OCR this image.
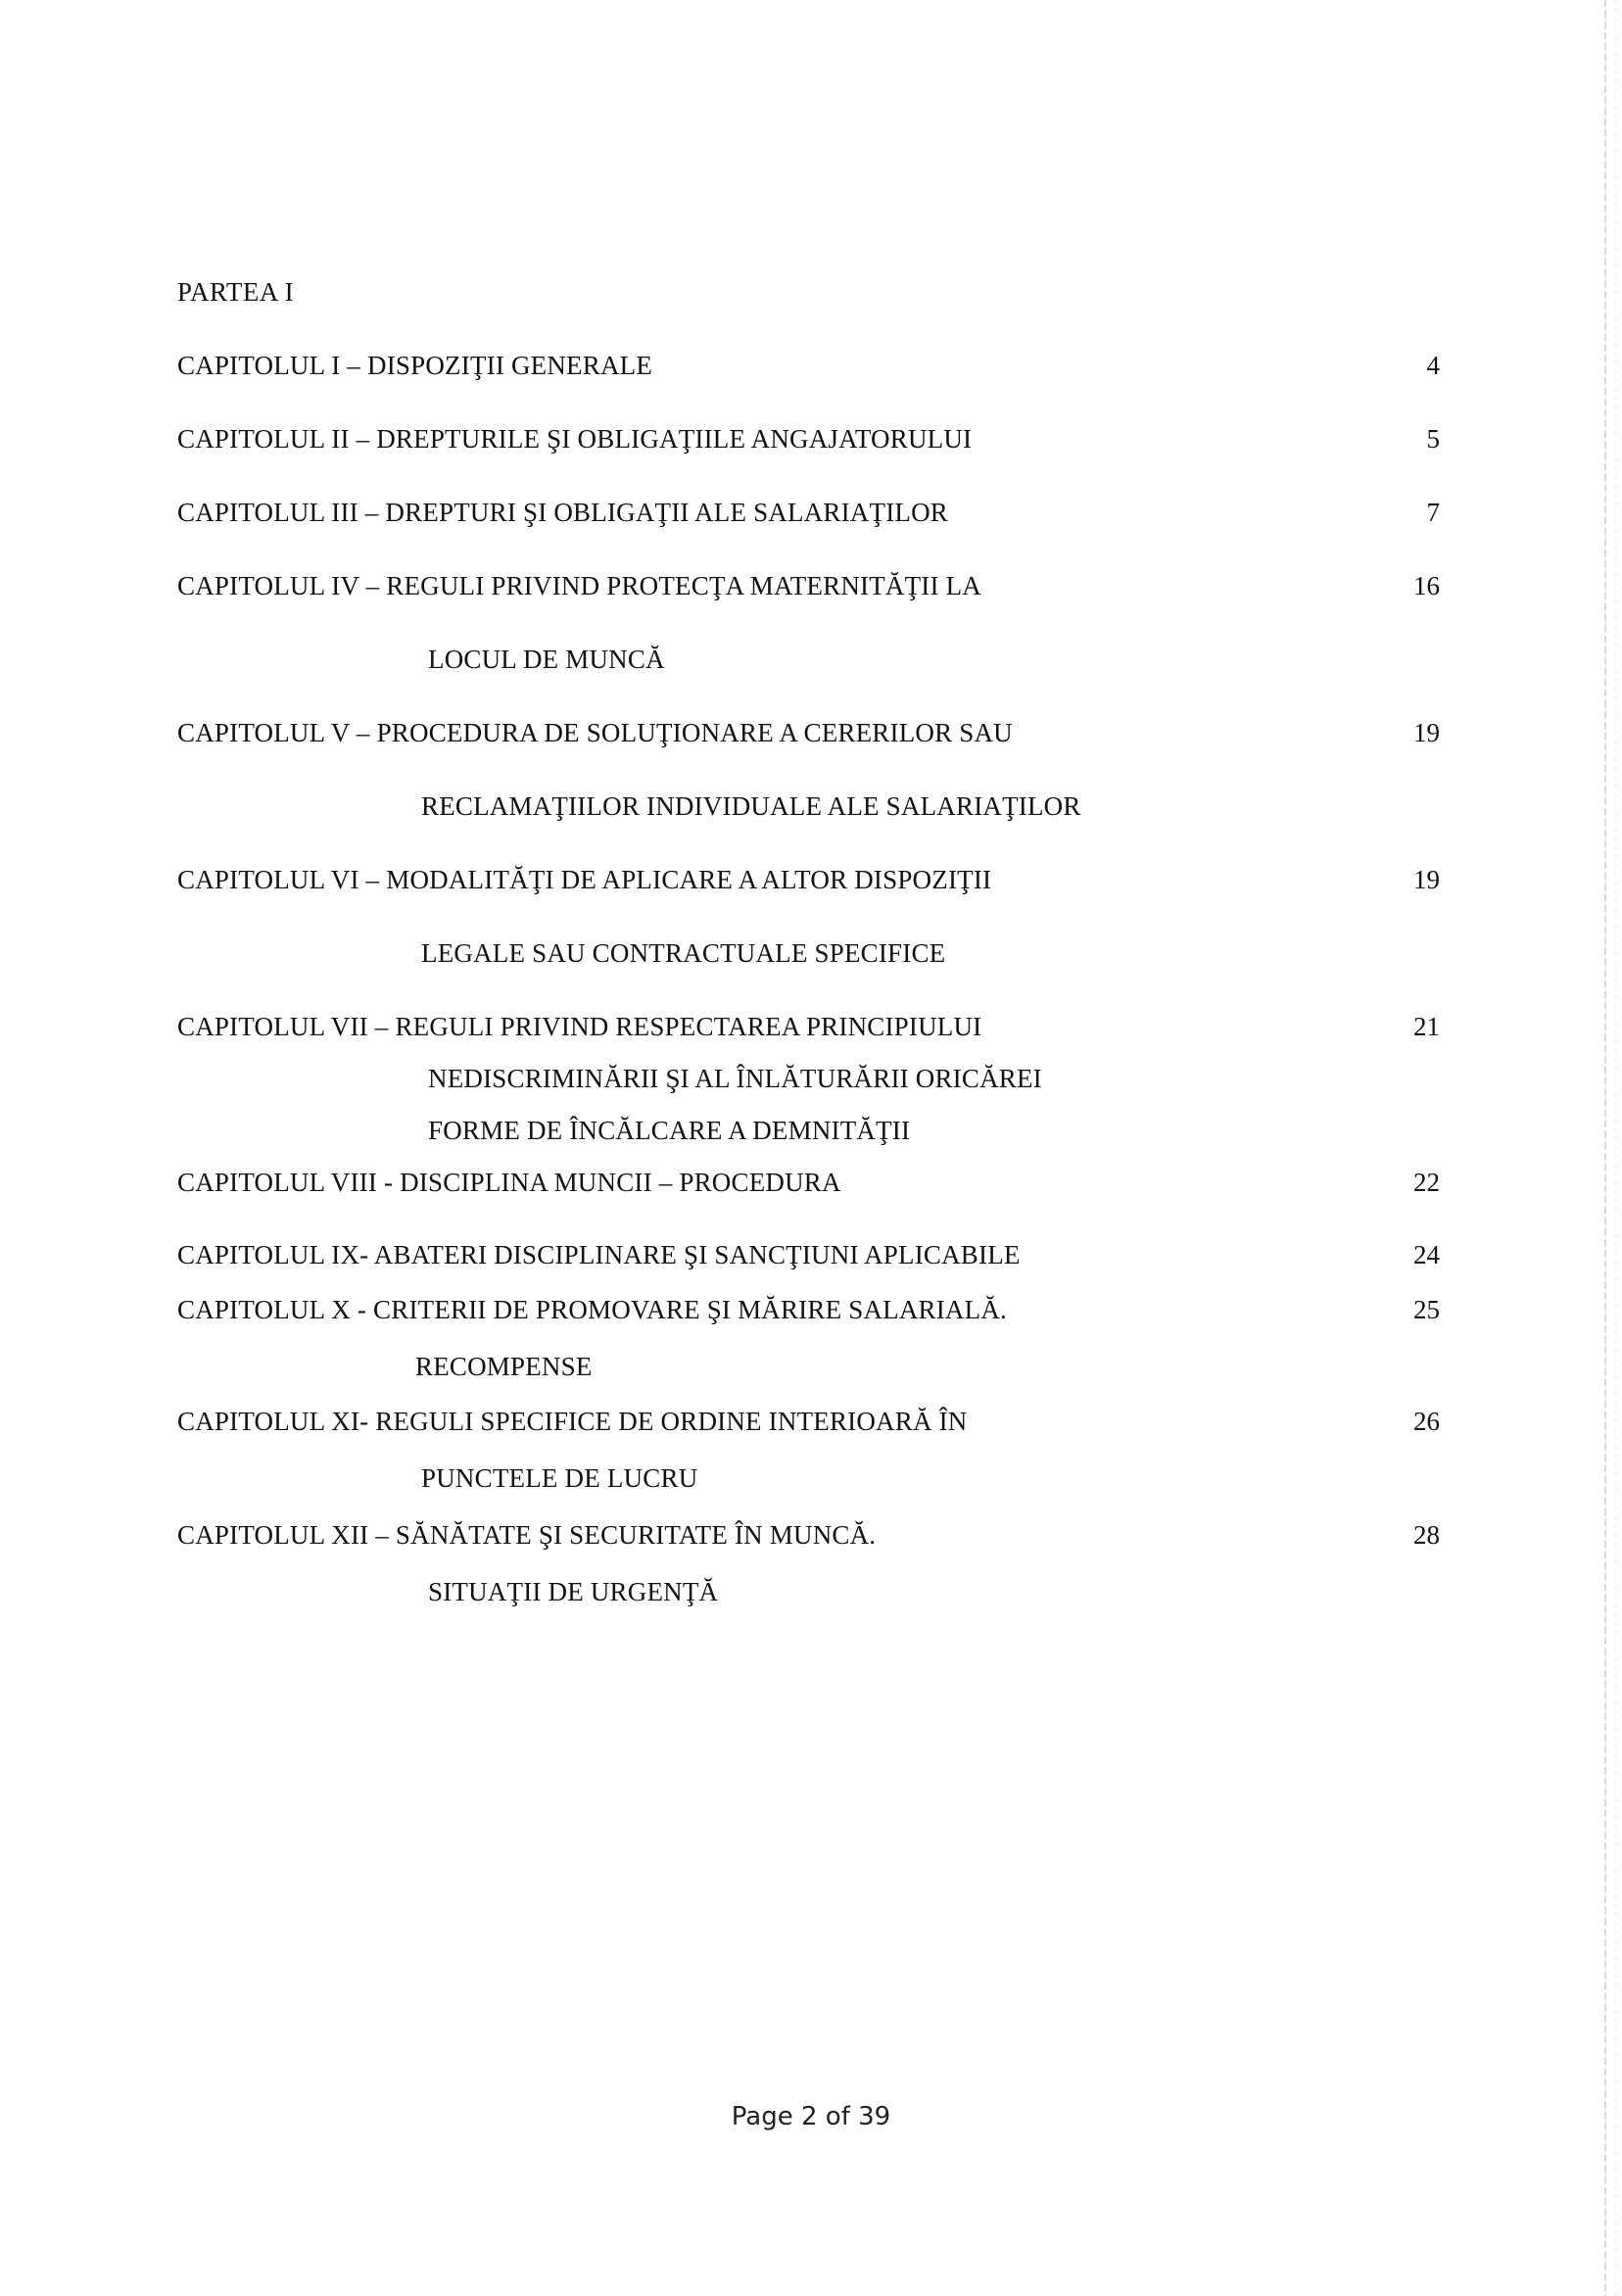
PARTEA I
CAPITOLUL I – DISPOZIŢII GENERALE	4
CAPITOLUL II – DREPTURILE ŞI OBLIGAŢIILE ANGAJATORULUI	5
CAPITOLUL III – DREPTURI ŞI OBLIGAŢII ALE SALARIAŢILOR	7
CAPITOLUL IV – REGULI PRIVIND PROTECŢA MATERNITĂŢII LA	16
LOCUL DE MUNCĂ
CAPITOLUL V – PROCEDURA DE SOLUŢIONARE A CERERILOR SAU	19
RECLAMAŢIILOR INDIVIDUALE ALE SALARIAŢILOR
CAPITOLUL VI – MODALITĂŢI DE APLICARE A ALTOR DISPOZIŢII	19
LEGALE SAU CONTRACTUALE SPECIFICE
CAPITOLUL VII – REGULI PRIVIND RESPECTAREA PRINCIPIULUI	21
NEDISCRIMINĂRII ŞI AL ÎNLĂTURĂRII ORICĂREI
FORME DE ÎNCĂLCARE A DEMNITĂŢII
CAPITOLUL VIII - DISCIPLINA MUNCII – PROCEDURA	22
CAPITOLUL IX- ABATERI DISCIPLINARE ŞI SANCŢIUNI APLICABILE	24
CAPITOLUL X - CRITERII DE PROMOVARE ŞI MĂRIRE SALARIALĂ.	25
RECOMPENSE
CAPITOLUL XI- REGULI SPECIFICE DE ORDINE INTERIOARĂ ÎN	26
PUNCTELE DE LUCRU
CAPITOLUL XII – SĂNĂTATE ŞI SECURITATE ÎN MUNCĂ.	28
SITUAŢII DE URGENŢĂ
Page 2 of 39
